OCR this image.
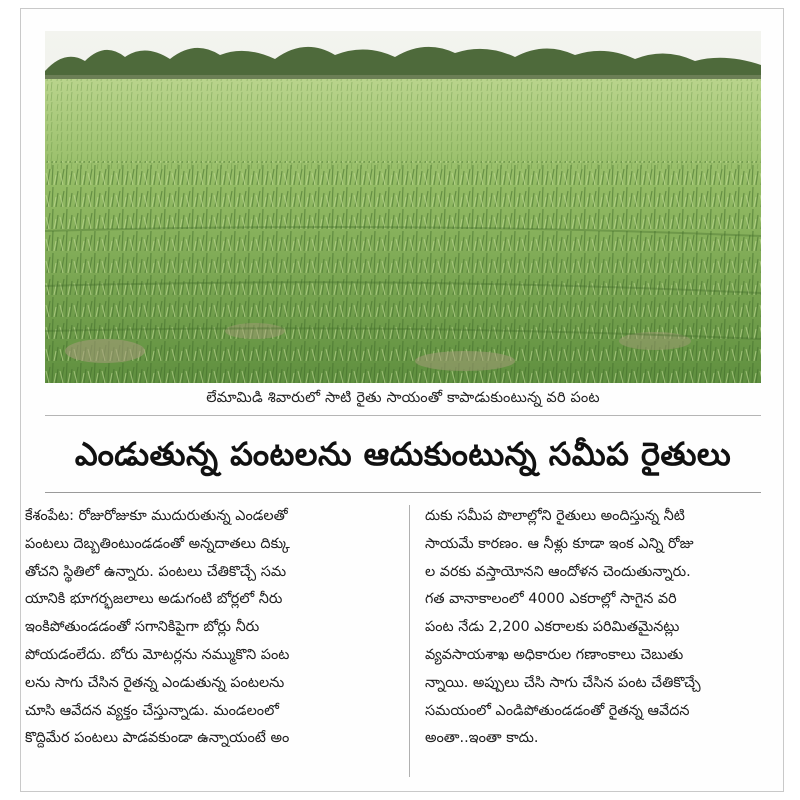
లేమామిడి శివారులో సాటి రైతు సాయంతో కాపాడుకుంటున్న వరి పంట
ఎండుతున్న పంటలను ఆదుకుంటున్న సమీప రైతులు
కేశంపేట: రోజురోజుకూ ముదురుతున్న ఎండలతో
పంటలు దెబ్బతింటుండడంతో అన్నదాతలు దిక్కు
తోచని స్థితిలో ఉన్నారు. పంటలు చేతికొచ్చే సమ
యానికి భూగర్భజలాలు అడుగంటి బోర్లలో నీరు
ఇంకిపోతుండడంతో సగానికిపైగా బోర్లు నీరు
పోయడంలేదు. బోరు మోటర్లను నమ్ముకొని పంట
లను సాగు చేసిన రైతన్న ఎండుతున్న పంటలను
చూసి ఆవేదన వ్యక్తం చేస్తున్నాడు. మండలంలో
కొద్దిమేర పంటలు పాడవకుండా ఉన్నాయంటే అం
దుకు సమీప పొలాల్లోని రైతులు అందిస్తున్న నీటి
సాయమే కారణం. ఆ నీళ్లు కూడా ఇంక ఎన్ని రోజు
ల వరకు వస్తాయోనని ఆందోళన చెందుతున్నారు.
గత వానాకాలంలో 4000 ఎకరాల్లో సాగైన వరి
పంట నేడు 2,200 ఎకరాలకు పరిమితమైనట్లు
వ్యవసాయశాఖ అధికారుల గణాంకాలు చెబుతు
న్నాయి. అప్పులు చేసి సాగు చేసిన పంట చేతికొచ్చే
సమయంలో ఎండిపోతుండడంతో రైతన్న ఆవేదన
అంతా..ఇంతా కాదు.
